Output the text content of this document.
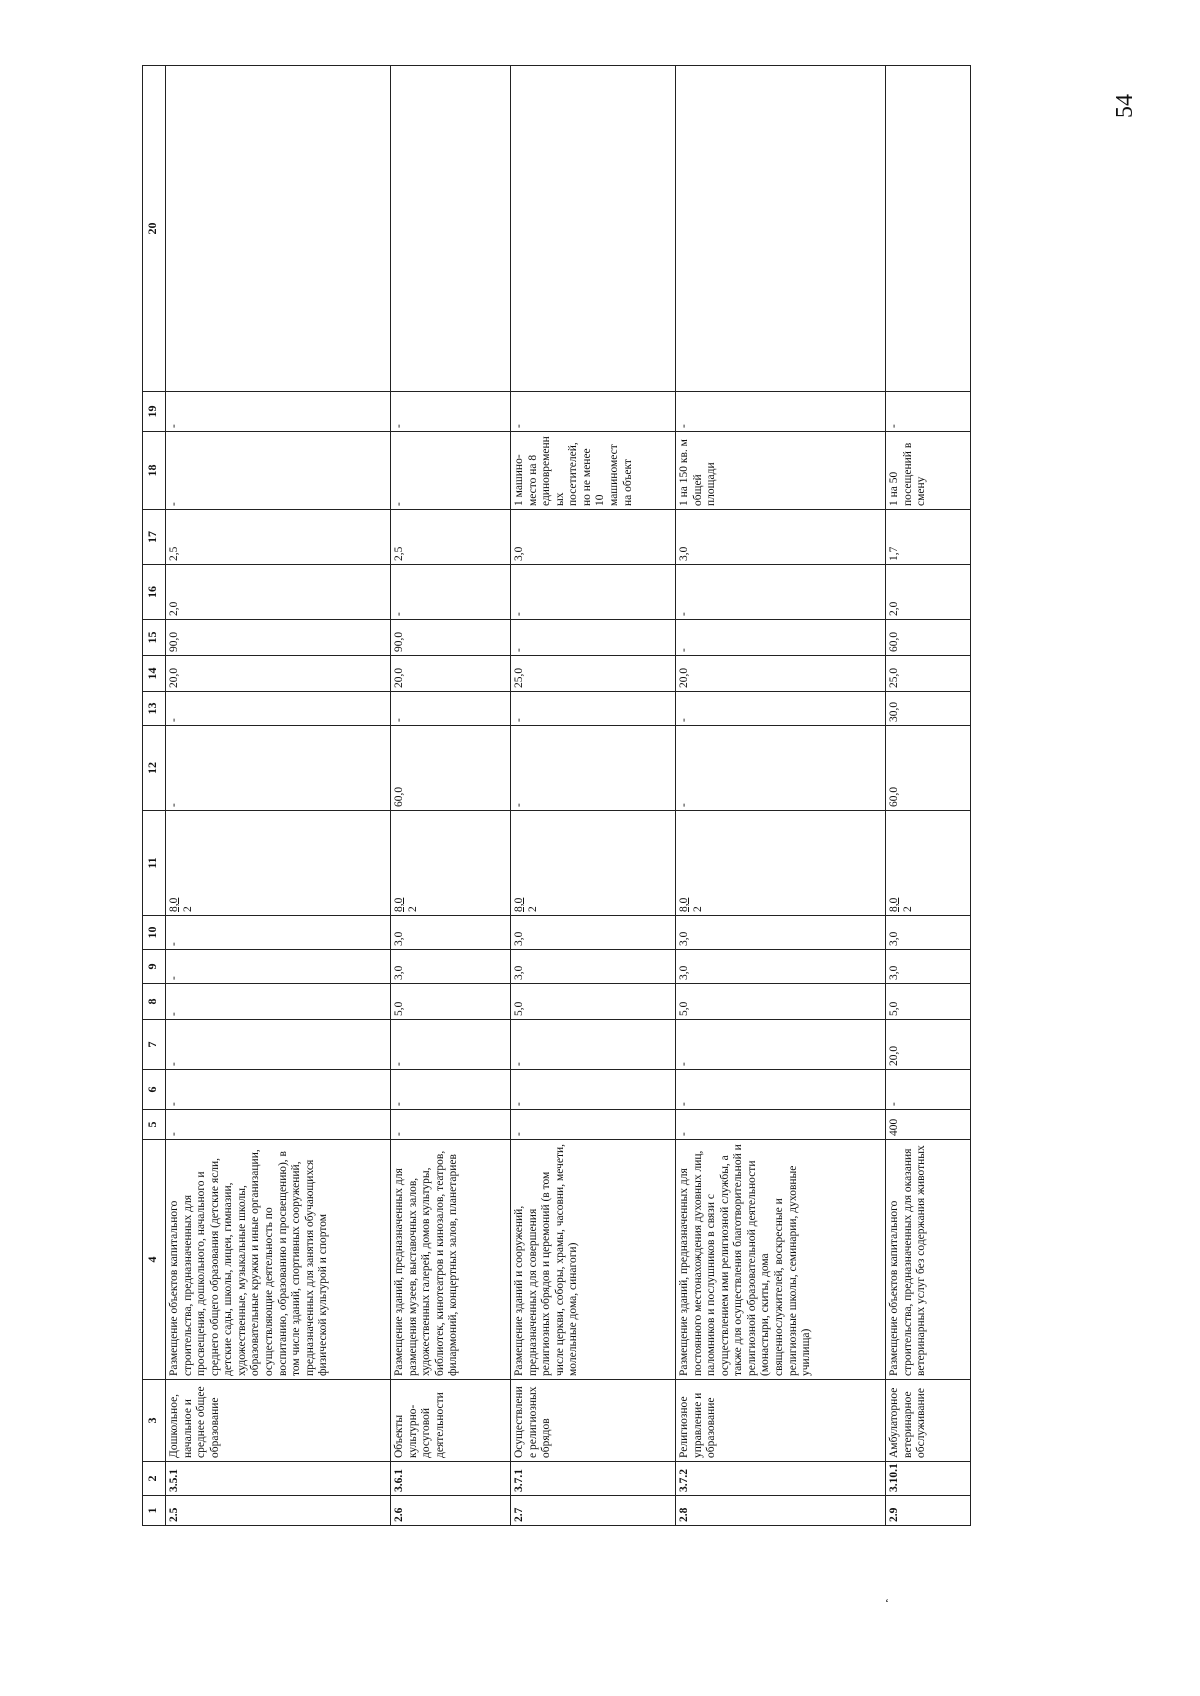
54
1	2	3	4	5	6	7	8	9	10	11	12	13	14	15	16	17	18	19	20
2.5	3.5.1	Дошкольное, начальное и среднее общее образование	Размещение объектов капитального строительства, предназначенных для просвещения, дошкольного, начального и среднего общего образования (детские ясли, детские сады, школы, лицеи, гимназии, художественные, музыкальные школы, образовательные кружки и иные организации, осуществляющие деятельность по воспитанию, образованию и просвещению), в том числе зданий, спортивных сооружений, предназначенных для занятия обучающихся физической культурой и спортом	-	-	-	-	-	-	8,0 2	-	-	20,0	90,0	2,0	2,5	-	-	
2.6	3.6.1	Объекты культурно-досуговой деятельности	Размещение зданий, предназначенных для размещения музеев, выставочных залов, художественных галерей, домов культуры, библиотек, кинотеатров и кинозалов, театров, филармоний, концертных залов, планетариев	-	-	-	5,0	3,0	3,0	8,0 2	60,0	-	20,0	90,0	-	2,5	-	-	
2.7	3.7.1	Осуществление религиозных обрядов	Размещение зданий и сооружений, предназначенных для совершения религиозных обрядов и церемоний (в том числе церкви, соборы, храмы, часовни, мечети, молельные дома, синагоги)	-	-	-	5,0	3,0	3,0	8,0 2	-	-	25,0	-	-	3,0	1 машино-место на 8 единовременных посетителей, но не менее 10 машиномест на объект	-	
2.8	3.7.2	Религиозное управление и образование	Размещение зданий, предназначенных для постоянного местонахождения духовных лиц, паломников и послушников в связи с осуществлением ими религиозной службы, а также для осуществления благотворительной и религиозной образовательной деятельности (монастыри, скиты, дома священнослужителей, воскресные и религиозные школы, семинарии, духовные училища)	-	-	-	5,0	3,0	3,0	8,0 2	-	-	20,0	-	-	3,0	1 на 150 кв. м общей площади	-	
2.9	3.10.1	Амбулаторное ветеринарное обслуживание	Размещение объектов капитального строительства, предназначенных для оказания ветеринарных услуг без содержания животных	400	-	20,0	5,0	3,0	3,0	8,0 2	60,0	30,0	25,0	60,0	2,0	1,7	1 на 50 посещений в смену	-	
‘
